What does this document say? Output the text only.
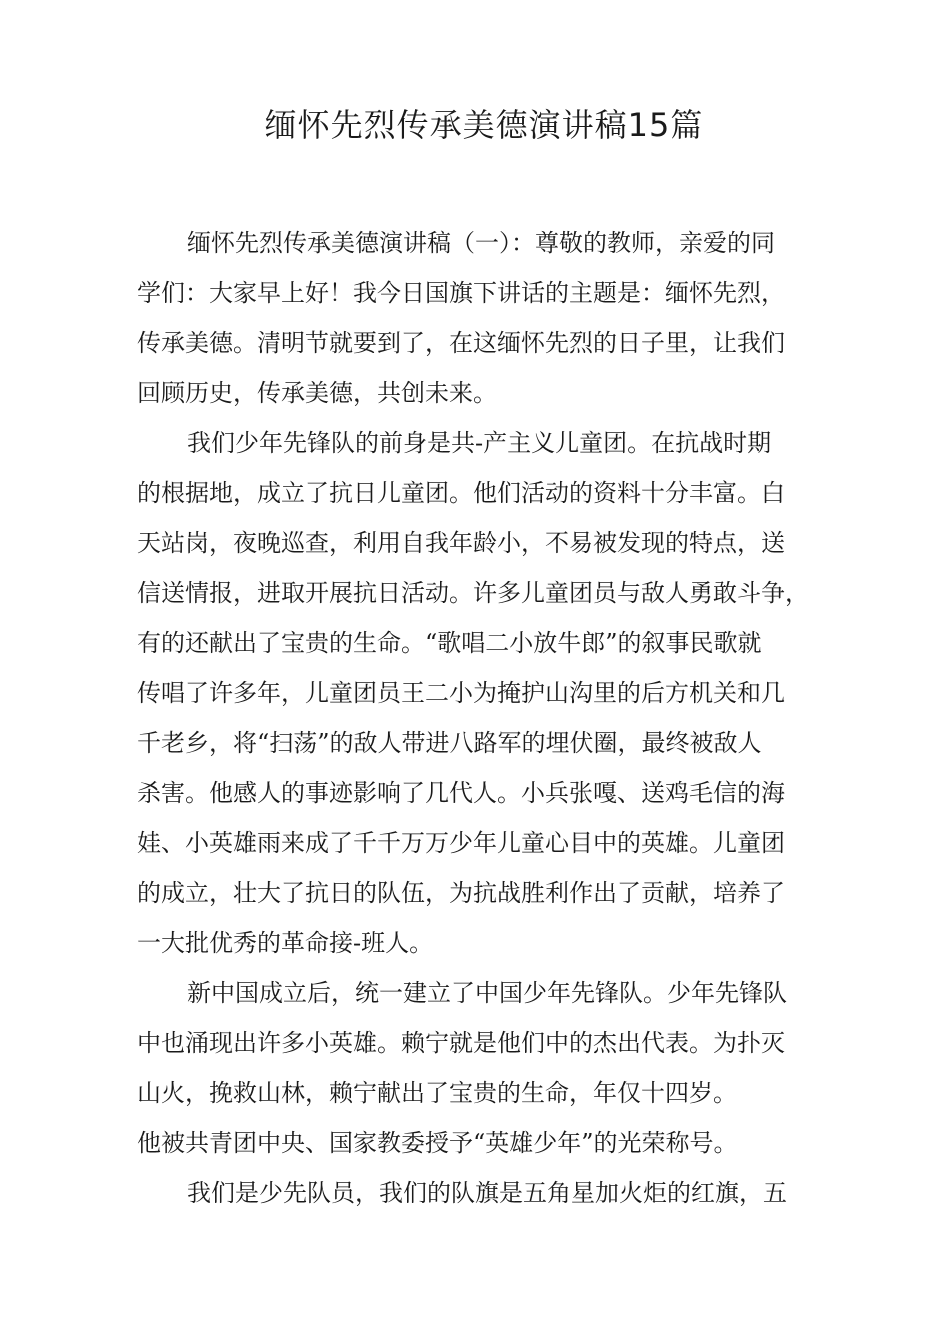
缅怀先烈传承美德演讲稿15篇

缅怀先烈传承美德演讲稿（一）：尊敬的教师，亲爱的同
学们：大家早上好！我今日国旗下讲话的主题是：缅怀先烈，
传承美德。清明节就要到了，在这缅怀先烈的日子里，让我们
回顾历史，传承美德，共创未来。

我们少年先锋队的前身是共-产主义儿童团。在抗战时期
的根据地，成立了抗日儿童团。他们活动的资料十分丰富。白
天站岗，夜晚巡查，利用自我年龄小，不易被发现的特点，送
信送情报，进取开展抗日活动。许多儿童团员与敌人勇敢斗争，
有的还献出了宝贵的生命。“歌唱二小放牛郎”的叙事民歌就
传唱了许多年，儿童团员王二小为掩护山沟里的后方机关和几
千老乡，将“扫荡”的敌人带进八路军的埋伏圈，最终被敌人
杀害。他感人的事迹影响了几代人。小兵张嘎、送鸡毛信的海
娃、小英雄雨来成了千千万万少年儿童心目中的英雄。儿童团
的成立，壮大了抗日的队伍，为抗战胜利作出了贡献，培养了
一大批优秀的革命接-班人。

新中国成立后，统一建立了中国少年先锋队。少年先锋队
中也涌现出许多小英雄。赖宁就是他们中的杰出代表。为扑灭
山火，挽救山林，赖宁献出了宝贵的生命，年仅十四岁。
他被共青团中央、国家教委授予“英雄少年”的光荣称号。

我们是少先队员，我们的队旗是五角星加火炬的红旗，五
